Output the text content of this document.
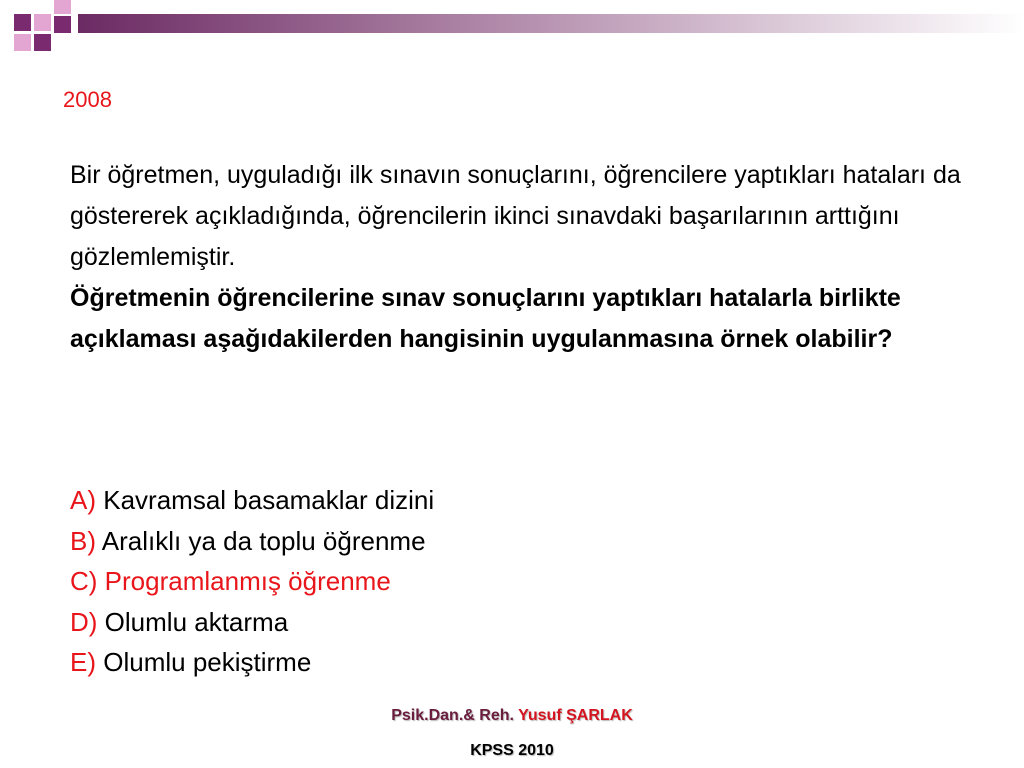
2008

Bir öğretmen, uyguladığı ilk sınavın sonuçlarını, öğrencilere yaptıkları hataları da göstererek açıkladığında, öğrencilerin ikinci sınavdaki başarılarının arttığını gözlemlemiştir.

Öğretmenin öğrencilerine sınav sonuçlarını yaptıkları hatalarla birlikte açıklaması aşağıdakilerden hangisinin uygulanmasına örnek olabilir?

A) Kavramsal basamaklar dizini
B) Aralıklı ya da toplu öğrenme
C) Programlanmış öğrenme
D) Olumlu aktarma
E) Olumlu pekiştirme
Psik.Dan.& Reh. Yusuf ŞARLAK
KPSS 2010
